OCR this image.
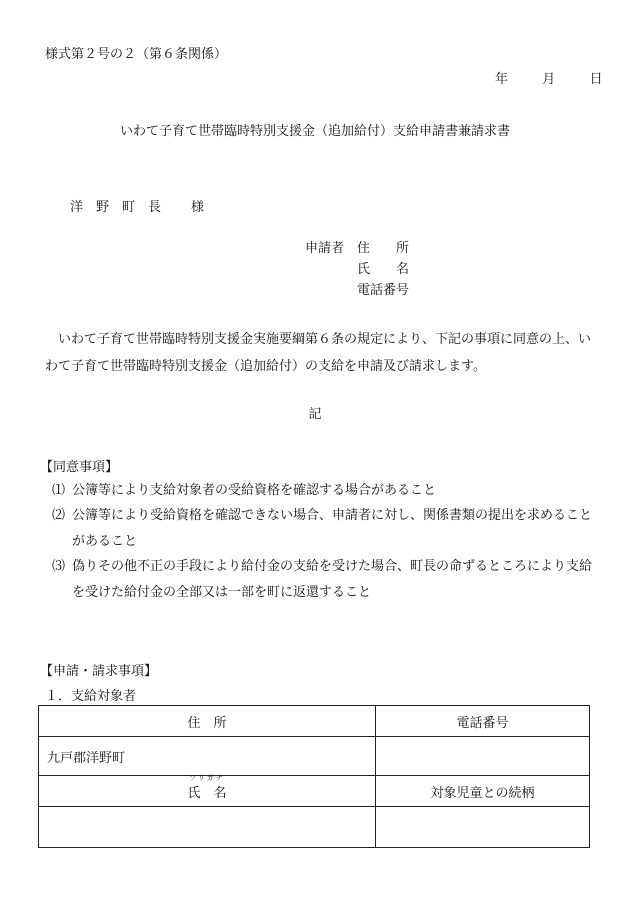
様式第２号の２（第６条関係）
年	月	日
いわて子育て世帯臨時特別支援金（追加給付）支給申請書兼請求書
洋　野　町　長 様
申請者 住　　所
氏　　名
電話番号
いわて子育て世帯臨時特別支援金実施要綱第６条の規定により、下記の事項に同意の上、いわて子育て世帯臨時特別支援金（追加給付）の支給を申請及び請求します。
記
【同意事項】
⑴ 公簿等により支給対象者の受給資格を確認する場合があること
⑵ 公簿等により受給資格を確認できない場合、申請者に対し、関係書類の提出を求めることがあること
⑶ 偽りその他不正の手段により給付金の支給を受けた場合、町長の命ずるところにより支給を受けた給付金の全部又は一部を町に返還すること
【申請・請求事項】
１．支給対象者
住　所	電話番号
九戸郡洋野町	

フリガナ
氏　名	対象児童との続柄
